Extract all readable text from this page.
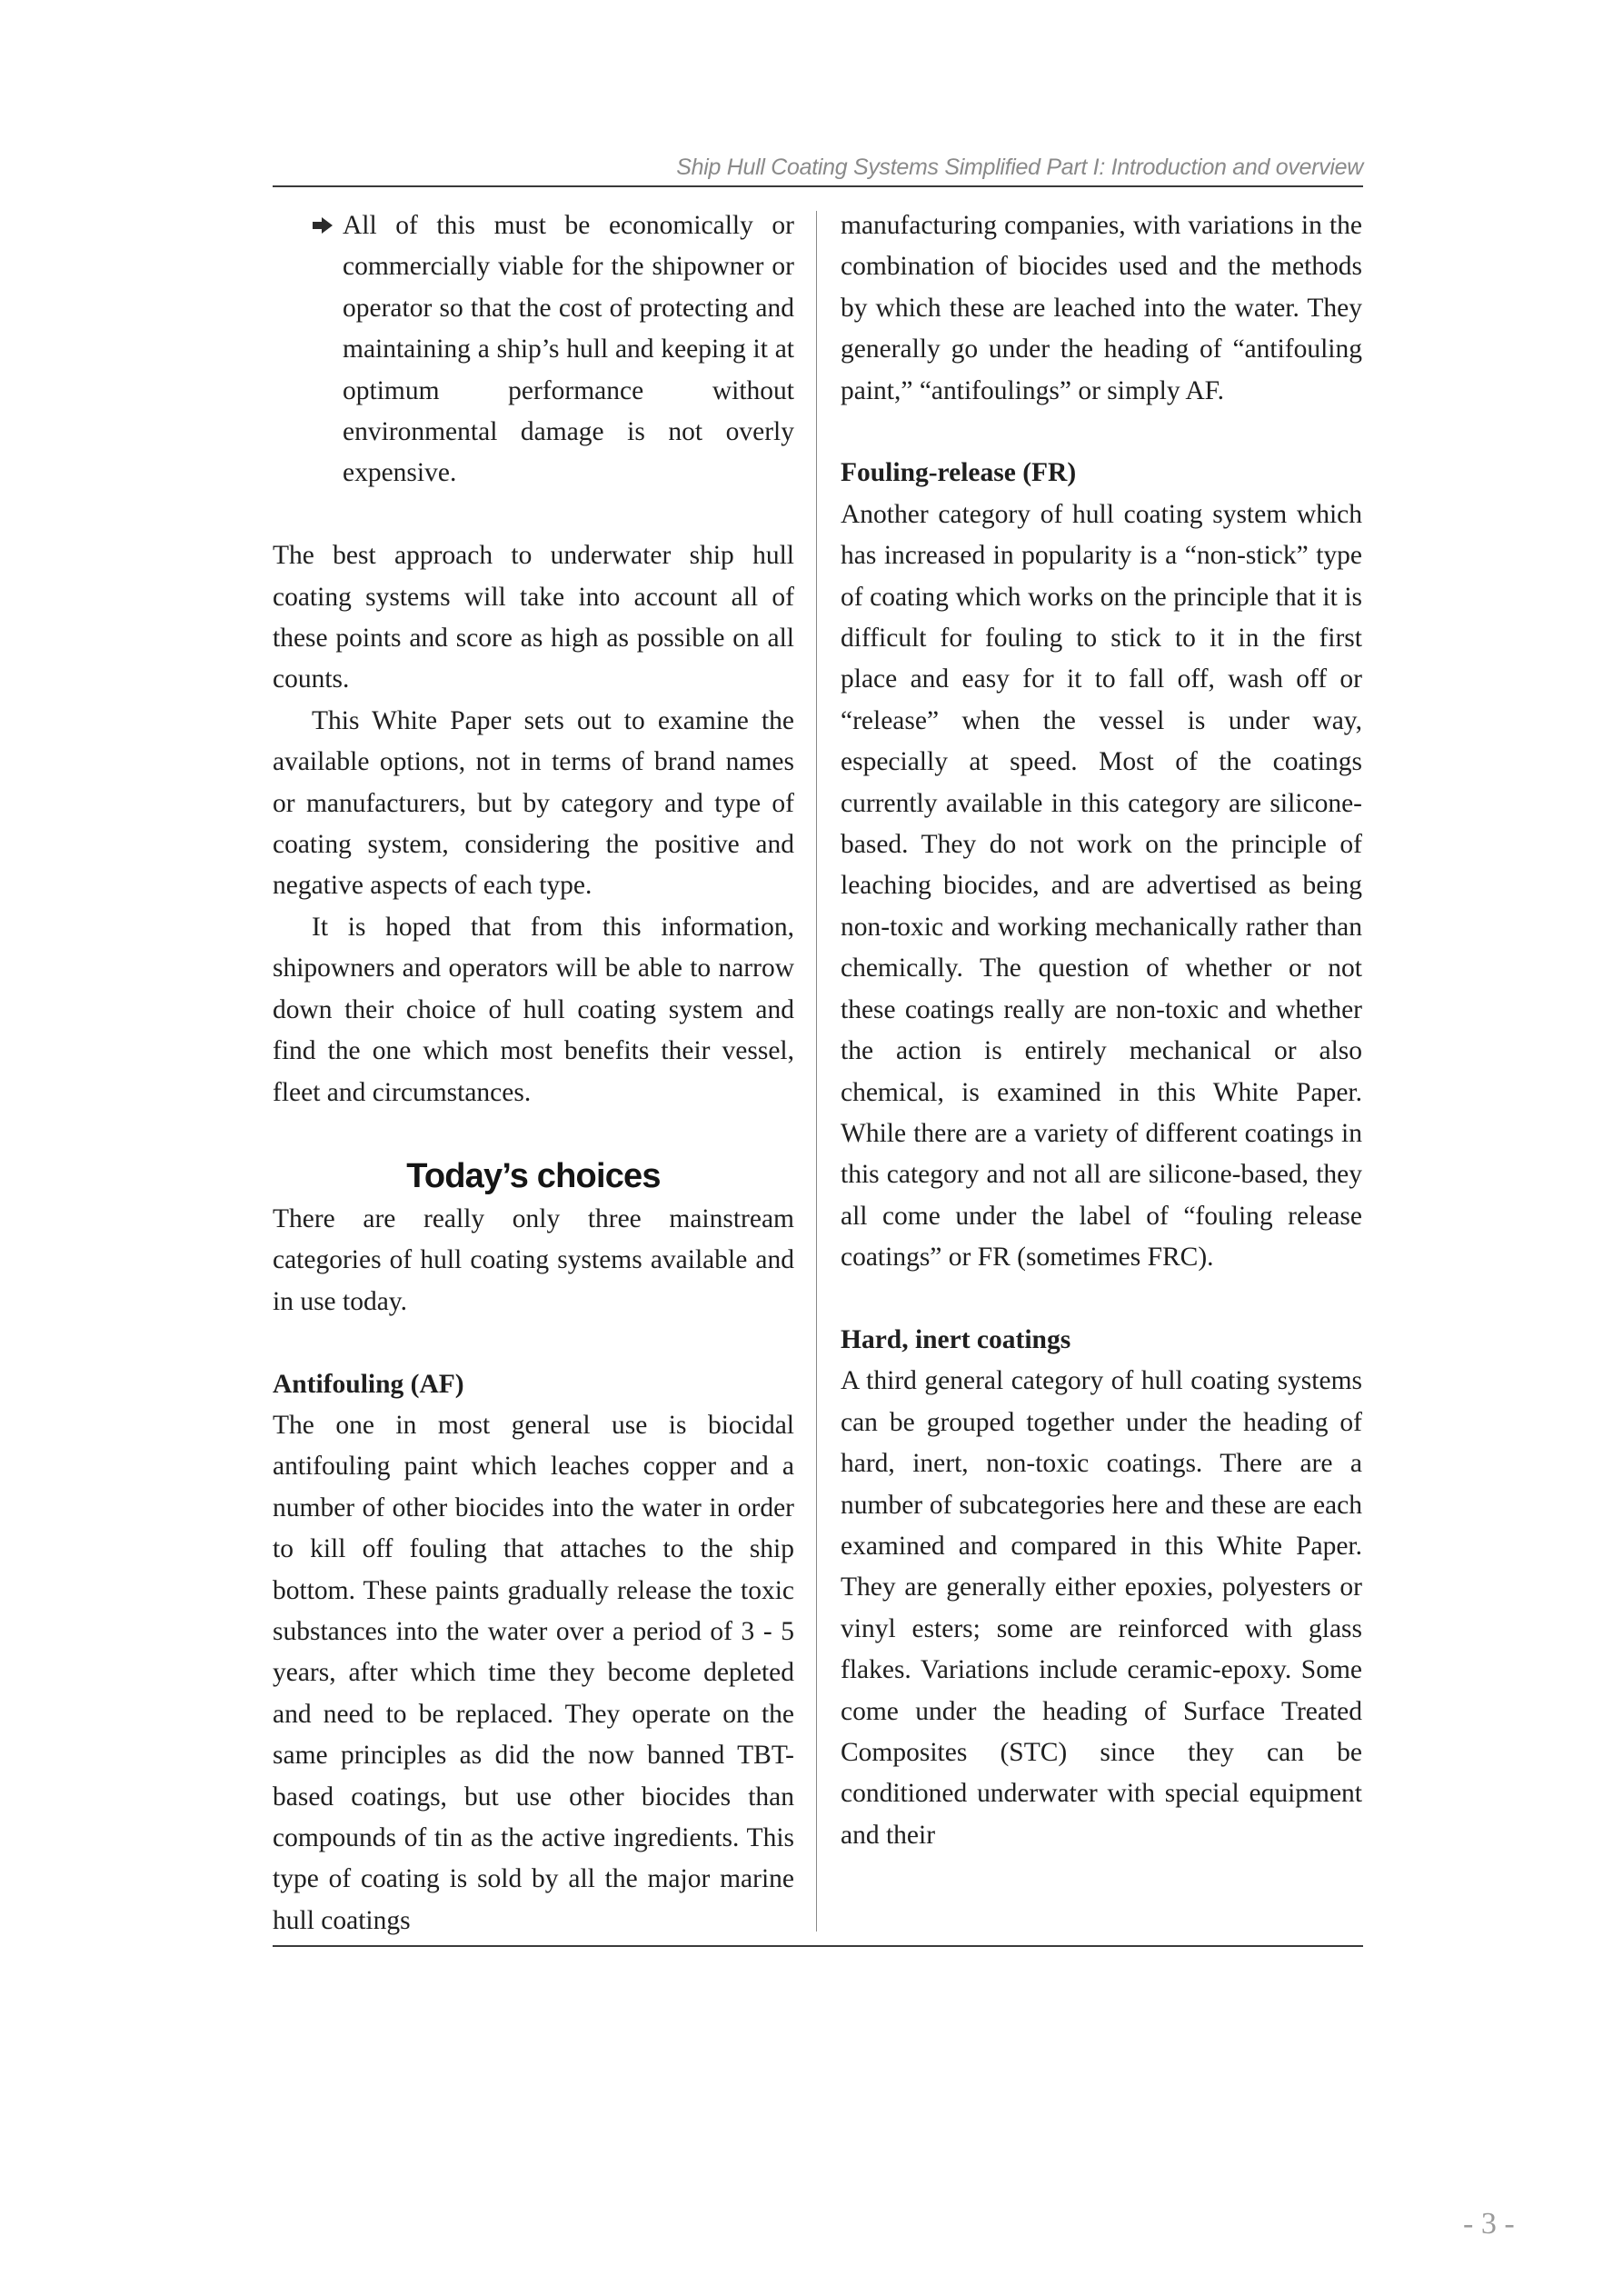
Ship Hull Coating Systems Simplified Part I: Introduction and overview

All of this must be economically or commercially viable for the shipowner or operator so that the cost of protecting and maintaining a ship’s hull and keeping it at optimum performance without environmental damage is not overly expensive.

The best approach to underwater ship hull coating systems will take into account all of these points and score as high as possible on all counts.

This White Paper sets out to examine the available options, not in terms of brand names or manufacturers, but by category and type of coating system, considering the positive and negative aspects of each type.

It is hoped that from this information, shipowners and operators will be able to narrow down their choice of hull coating system and find the one which most benefits their vessel, fleet and circumstances.

Today’s choices

There are really only three mainstream categories of hull coating systems available and in use today.

Antifouling (AF)

The one in most general use is biocidal antifouling paint which leaches copper and a number of other biocides into the water in order to kill off fouling that attaches to the ship bottom. These paints gradually release the toxic substances into the water over a period of 3 - 5 years, after which time they become depleted and need to be replaced. They operate on the same principles as did the now banned TBT-based coatings, but use other biocides than compounds of tin as the active ingredients. This type of coating is sold by all the major marine hull coatings

manufacturing companies, with variations in the combination of biocides used and the methods by which these are leached into the water. They generally go under the heading of “antifouling paint,” “antifoulings” or simply AF.

Fouling-release (FR)

Another category of hull coating system which has increased in popularity is a “non-stick” type of coating which works on the principle that it is difficult for fouling to stick to it in the first place and easy for it to fall off, wash off or “release” when the vessel is under way, especially at speed. Most of the coatings currently available in this category are silicone-based. They do not work on the principle of leaching biocides, and are advertised as being non-toxic and working mechanically rather than chemically. The question of whether or not these coatings really are non-toxic and whether the action is entirely mechanical or also chemical, is examined in this White Paper. While there are a variety of different coatings in this category and not all are silicone-based, they all come under the label of “fouling release coatings” or FR (sometimes FRC).

Hard, inert coatings

A third general category of hull coating systems can be grouped together under the heading of hard, inert, non-toxic coatings. There are a number of subcategories here and these are each examined and compared in this White Paper. They are generally either epoxies, polyesters or vinyl esters; some are reinforced with glass flakes. Variations include ceramic-epoxy. Some come under the heading of Surface Treated Composites (STC) since they can be conditioned underwater with special equipment and their

- 3 -
